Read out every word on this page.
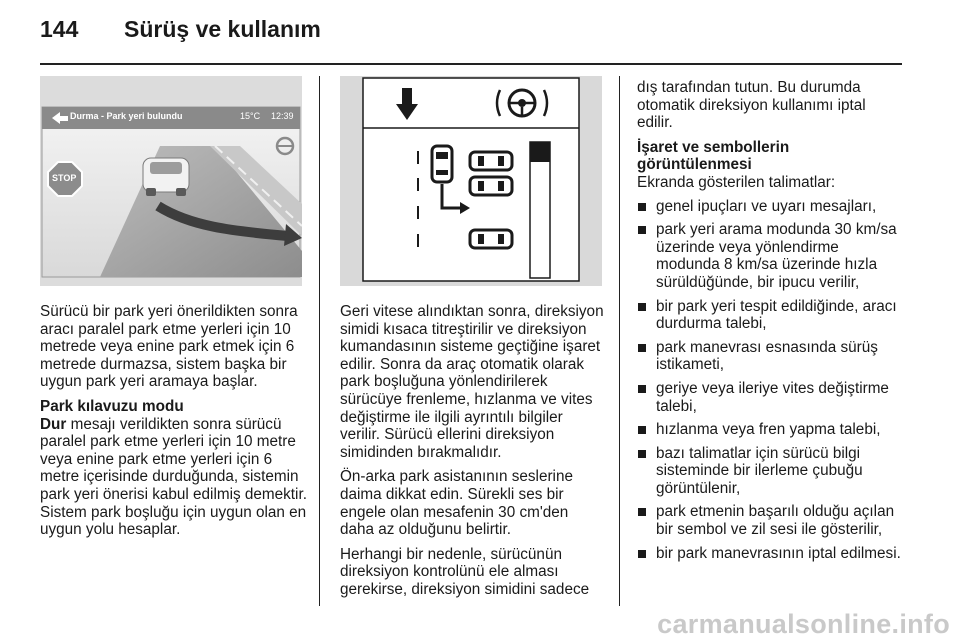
144 Sürüş ve kullanım
Durma - Park yeri bulundu	15°C 12:39
STOP

Sürücü bir park yeri önerildikten sonra aracı paralel park etme yerleri için 10 metrede veya enine park etmek için 6 metrede durmazsa, sistem başka bir uygun park yeri aramaya başlar.

Park kılavuzu modu

Dur mesajı verildikten sonra sürücü paralel park etme yerleri için 10 metre veya enine park etme yerleri için 6 metre içerisinde durduğunda, sistemin park yeri önerisi kabul edilmiş demektir. Sistem park boşluğu için uygun olan en uygun yolu hesaplar.

Geri vitese alındıktan sonra, direksiyon simidi kısaca titreştirilir ve direksiyon kumandasının sisteme geçtiğine işaret edilir. Sonra da araç otomatik olarak park boşluğuna yönlendirilerek sürücüye frenleme, hızlanma ve vites değiştirme ile ilgili ayrıntılı bilgiler verilir. Sürücü ellerini direksiyon simidinden bırakmalıdır.

Ön-arka park asistanının seslerine daima dikkat edin. Sürekli ses bir engele olan mesafenin 30 cm'den daha az olduğunu belirtir.

Herhangi bir nedenle, sürücünün direksiyon kontrolünü ele alması gerekirse, direksiyon simidini sadece

dış tarafından tutun. Bu durumda otomatik direksiyon kullanımı iptal edilir.

İşaret ve sembollerin görüntülenmesi

Ekranda gösterilen talimatlar:

genel ipuçları ve uyarı mesajları,
park yeri arama modunda 30 km/sa üzerinde veya yönlendirme modunda 8 km/sa üzerinde hızla sürüldüğünde, bir ipucu verilir,
bir park yeri tespit edildiğinde, aracı durdurma talebi,
park manevrası esnasında sürüş istikameti,
geriye veya ileriye vites değiştirme talebi,
hızlanma veya fren yapma talebi,
bazı talimatlar için sürücü bilgi sisteminde bir ilerleme çubuğu görüntülenir,
park etmenin başarılı olduğu açılan bir sembol ve zil sesi ile gösterilir,
bir park manevrasının iptal edilmesi.
carmanualsonline.info
